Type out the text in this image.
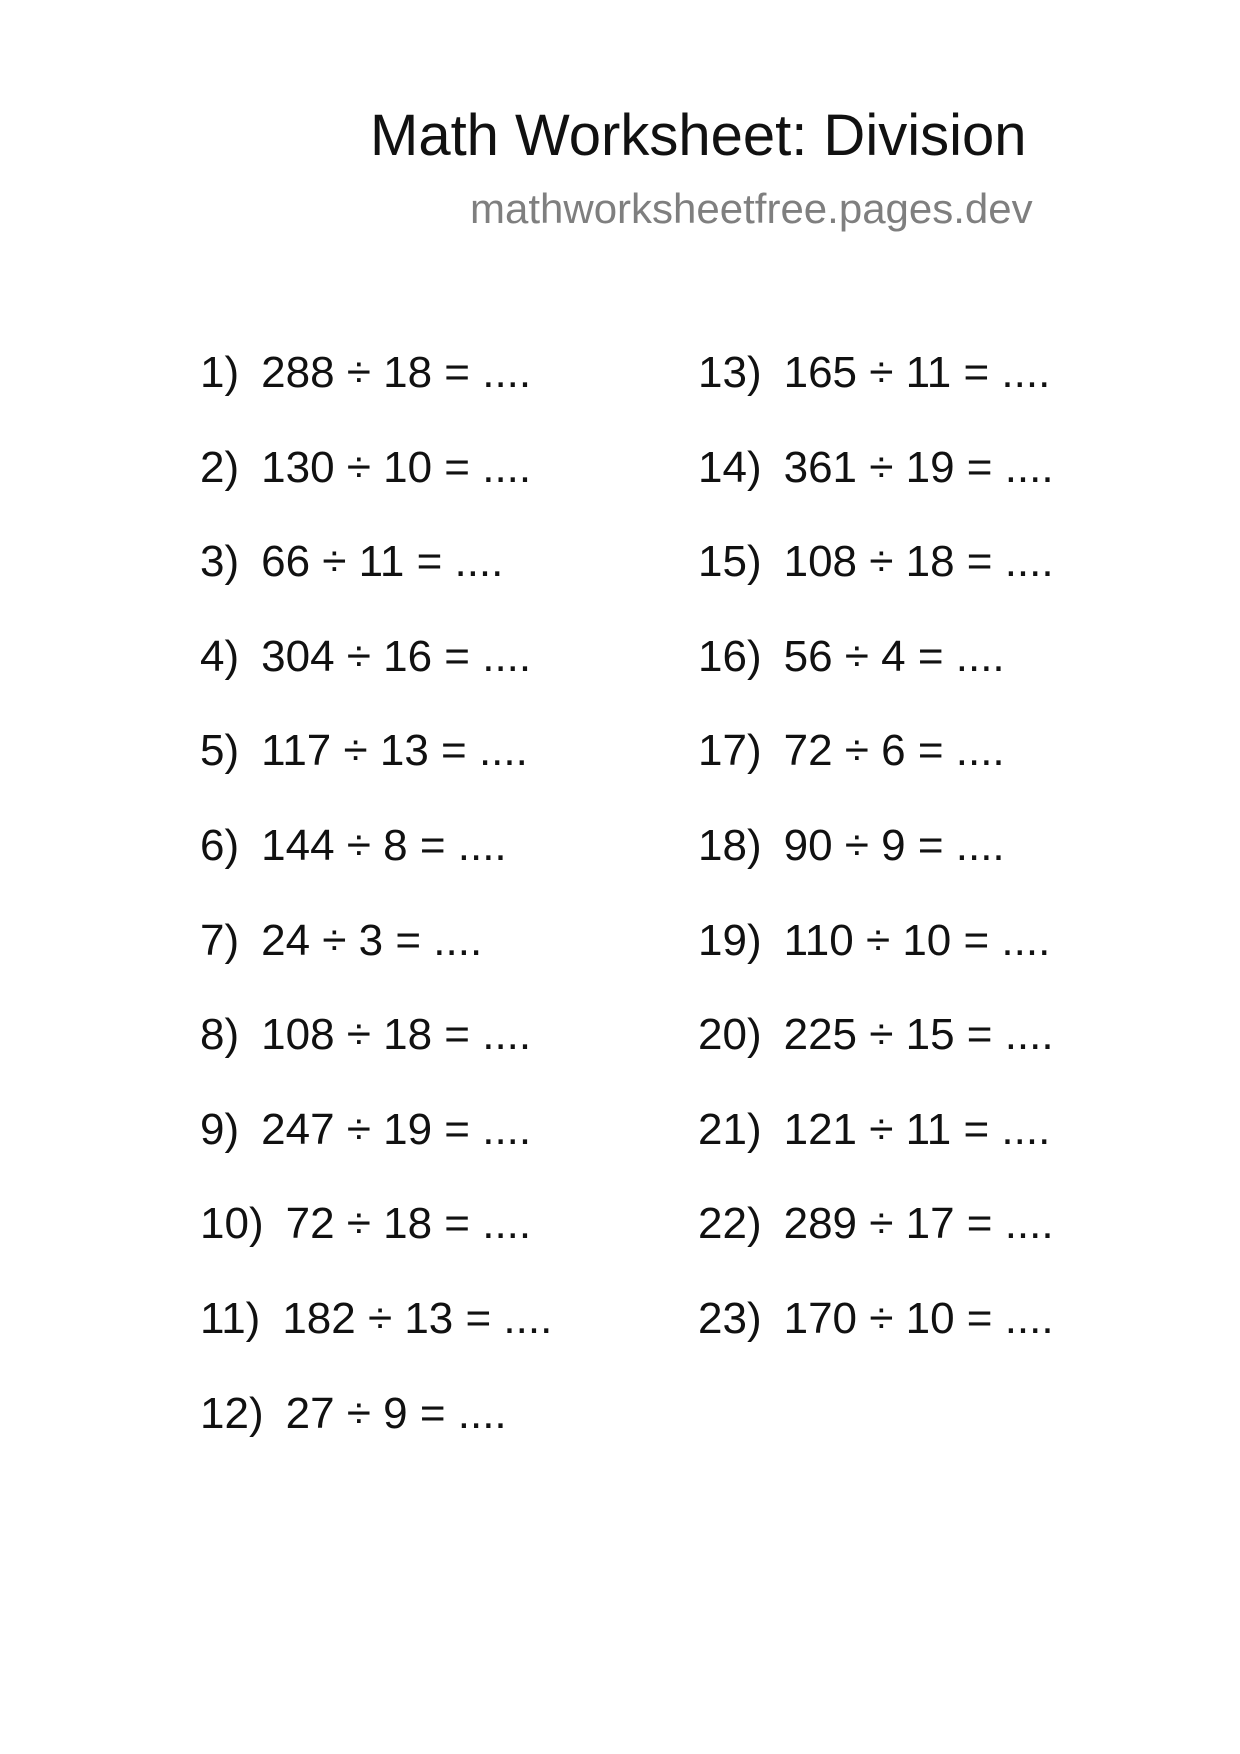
Math Worksheet: Division
mathworksheetfree.pages.dev
1) 288 ÷ 18 = ....
2) 130 ÷ 10 = ....
3) 66 ÷ 11 = ....
4) 304 ÷ 16 = ....
5) 117 ÷ 13 = ....
6) 144 ÷ 8 = ....
7) 24 ÷ 3 = ....
8) 108 ÷ 18 = ....
9) 247 ÷ 19 = ....
10) 72 ÷ 18 = ....
11) 182 ÷ 13 = ....
12) 27 ÷ 9 = ....
13) 165 ÷ 11 = ....
14) 361 ÷ 19 = ....
15) 108 ÷ 18 = ....
16) 56 ÷ 4 = ....
17) 72 ÷ 6 = ....
18) 90 ÷ 9 = ....
19) 110 ÷ 10 = ....
20) 225 ÷ 15 = ....
21) 121 ÷ 11 = ....
22) 289 ÷ 17 = ....
23) 170 ÷ 10 = ....
